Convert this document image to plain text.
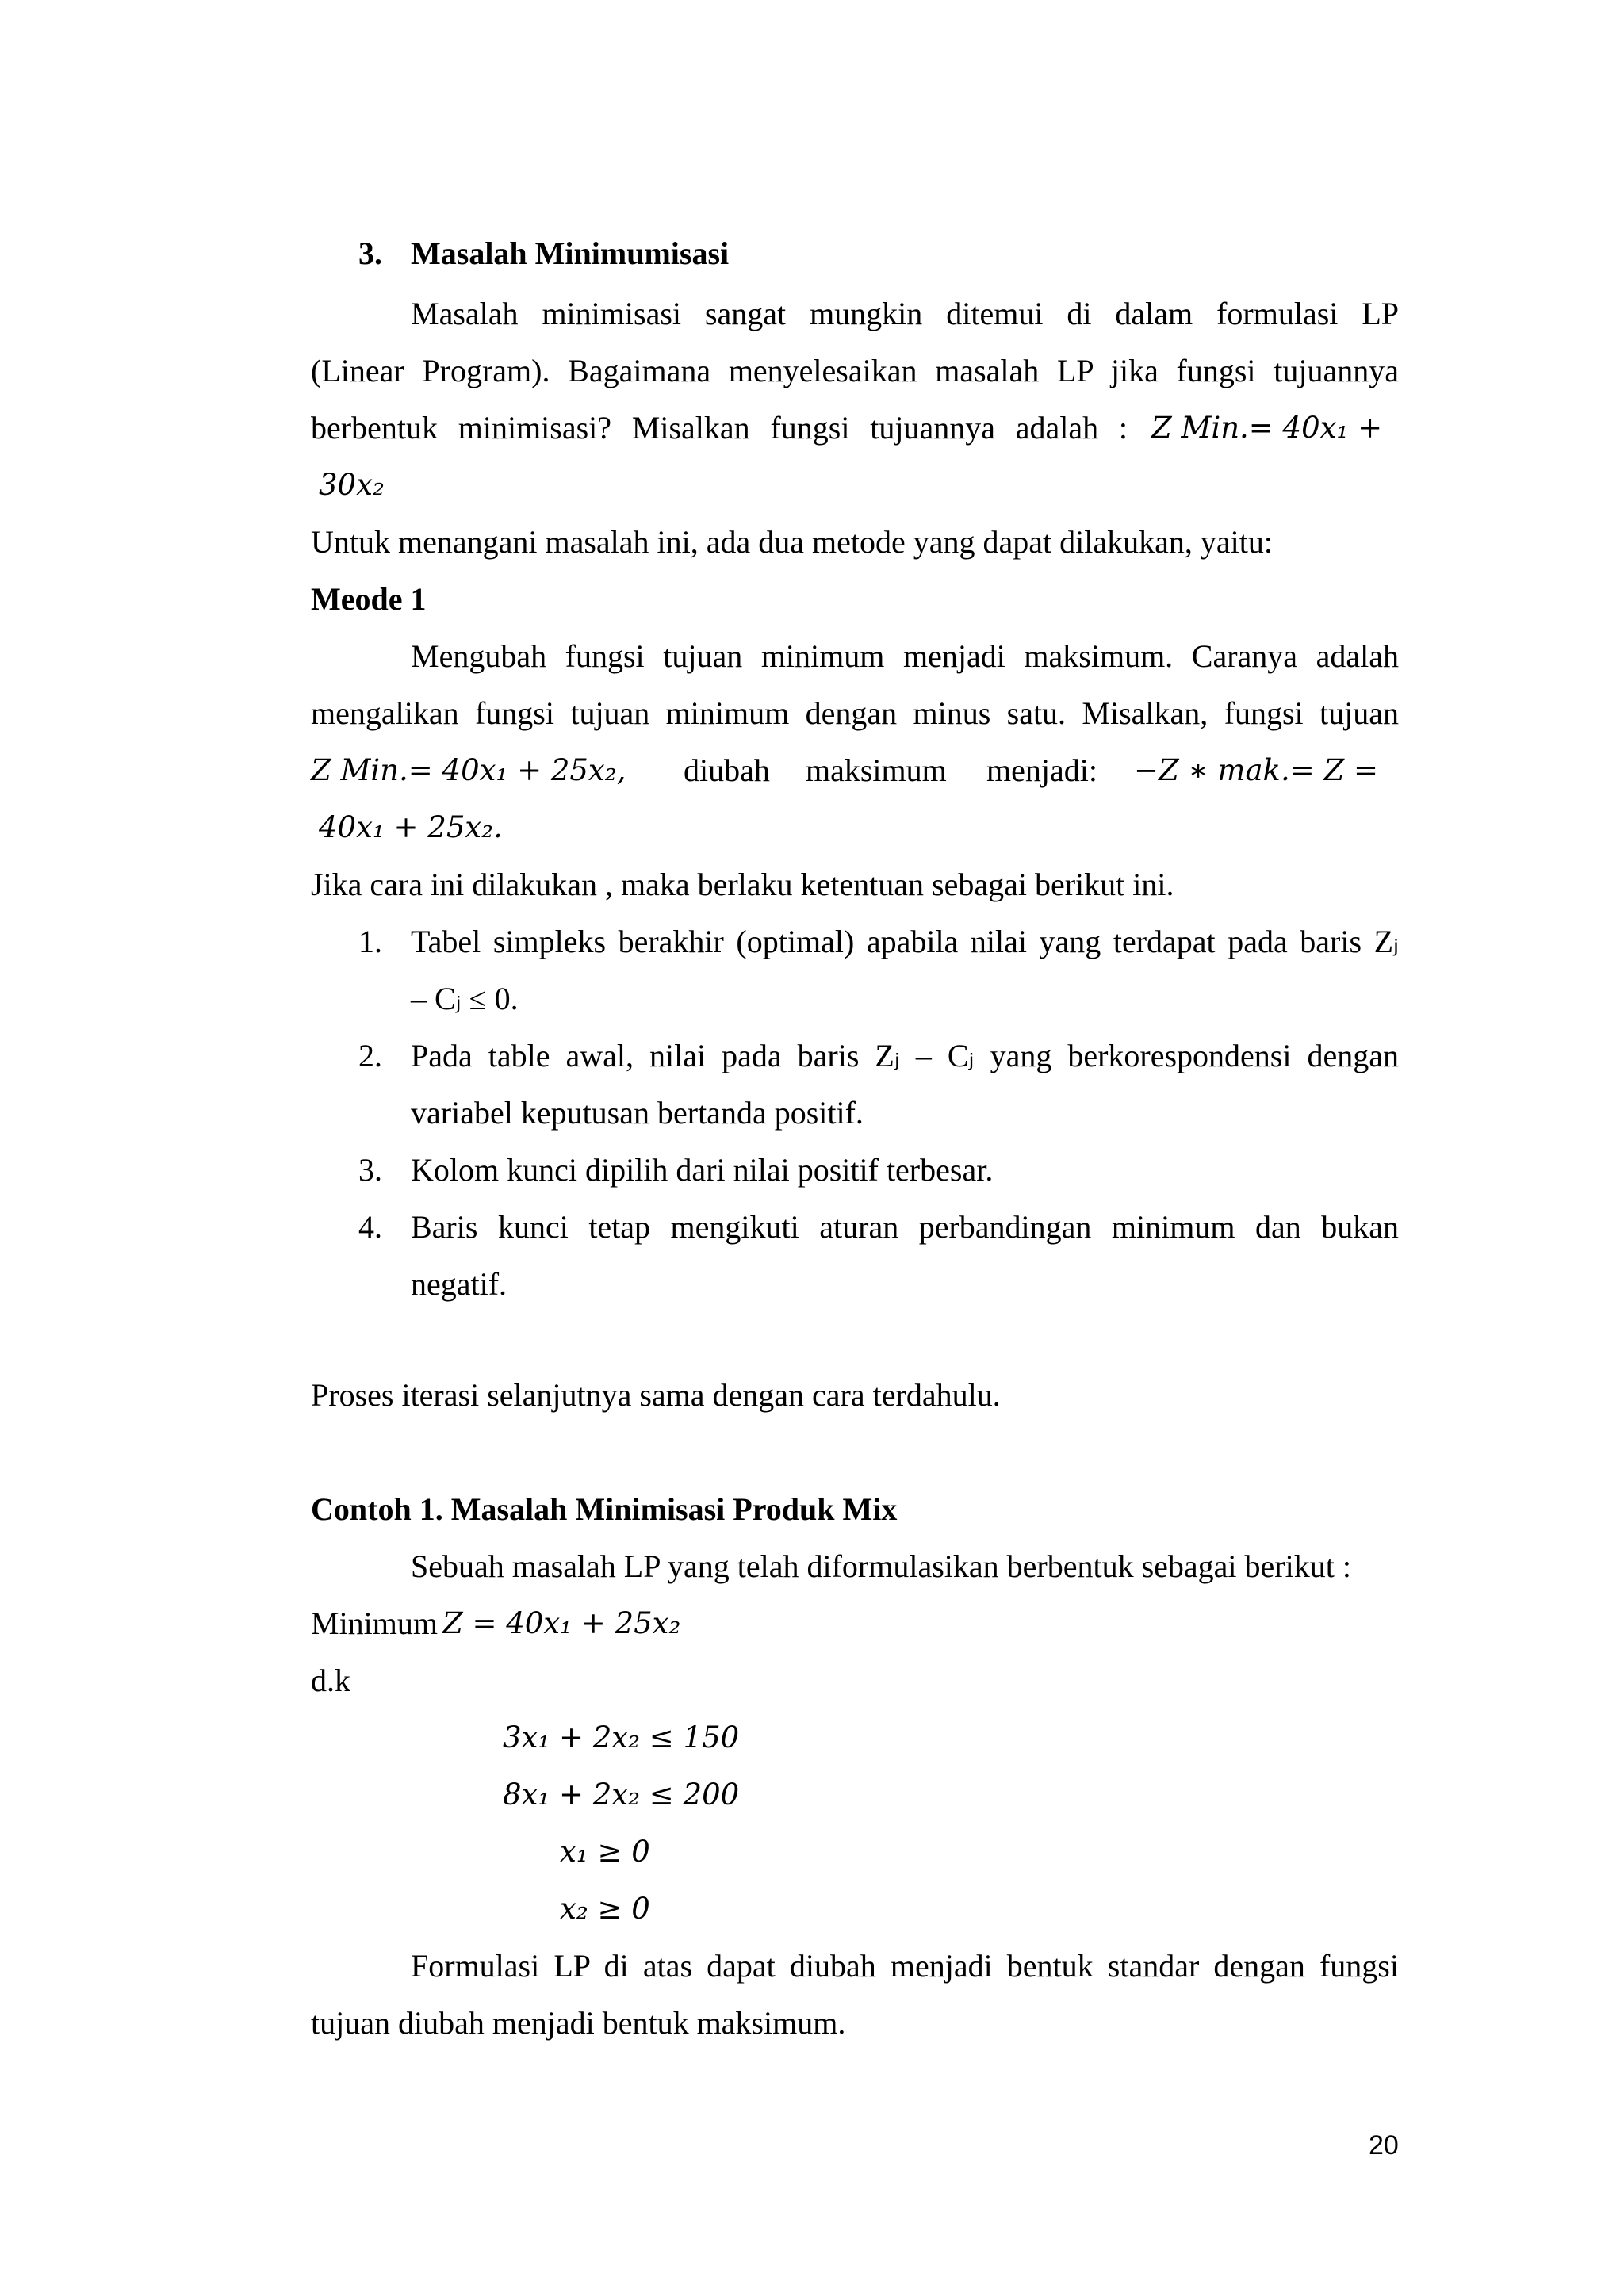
3. Masalah Minimumisasi
Masalah minimisasi sangat mungkin ditemui di dalam formulasi LP
(Linear Program). Bagaimana menyelesaikan masalah LP jika fungsi tujuannya
berbentuk minimisasi? Misalkan fungsi tujuannya adalah : Z Min.= 40x₁ +
30x₂
Untuk menangani masalah ini, ada dua metode yang dapat dilakukan, yaitu:
Meode 1
Mengubah fungsi tujuan minimum menjadi maksimum. Caranya adalah
mengalikan fungsi tujuan minimum dengan minus satu. Misalkan, fungsi tujuan
Z Min.= 40x₁ + 25x₂, diubah maksimum menjadi: −Z ∗ mak.= Z =
40x₁ + 25x₂.
Jika cara ini dilakukan , maka berlaku ketentuan sebagai berikut ini.
1. Tabel simpleks berakhir (optimal) apabila nilai yang terdapat pada baris Zⱼ
– Cⱼ ≤ 0.
2. Pada table awal, nilai pada baris Zⱼ – Cⱼ yang berkorespondensi dengan
variabel keputusan bertanda positif.
3. Kolom kunci dipilih dari nilai positif terbesar.
4. Baris kunci tetap mengikuti aturan perbandingan minimum dan bukan
negatif.
Proses iterasi selanjutnya sama dengan cara terdahulu.
Contoh 1. Masalah Minimisasi Produk Mix
Sebuah masalah LP yang telah diformulasikan berbentuk sebagai berikut :
Minimum Z = 40x₁ + 25x₂
d.k
3x₁ + 2x₂ ≤ 150
8x₁ + 2x₂ ≤ 200
x₁ ≥ 0
x₂ ≥ 0
Formulasi LP di atas dapat diubah menjadi bentuk standar dengan fungsi
tujuan diubah menjadi bentuk maksimum.
20
